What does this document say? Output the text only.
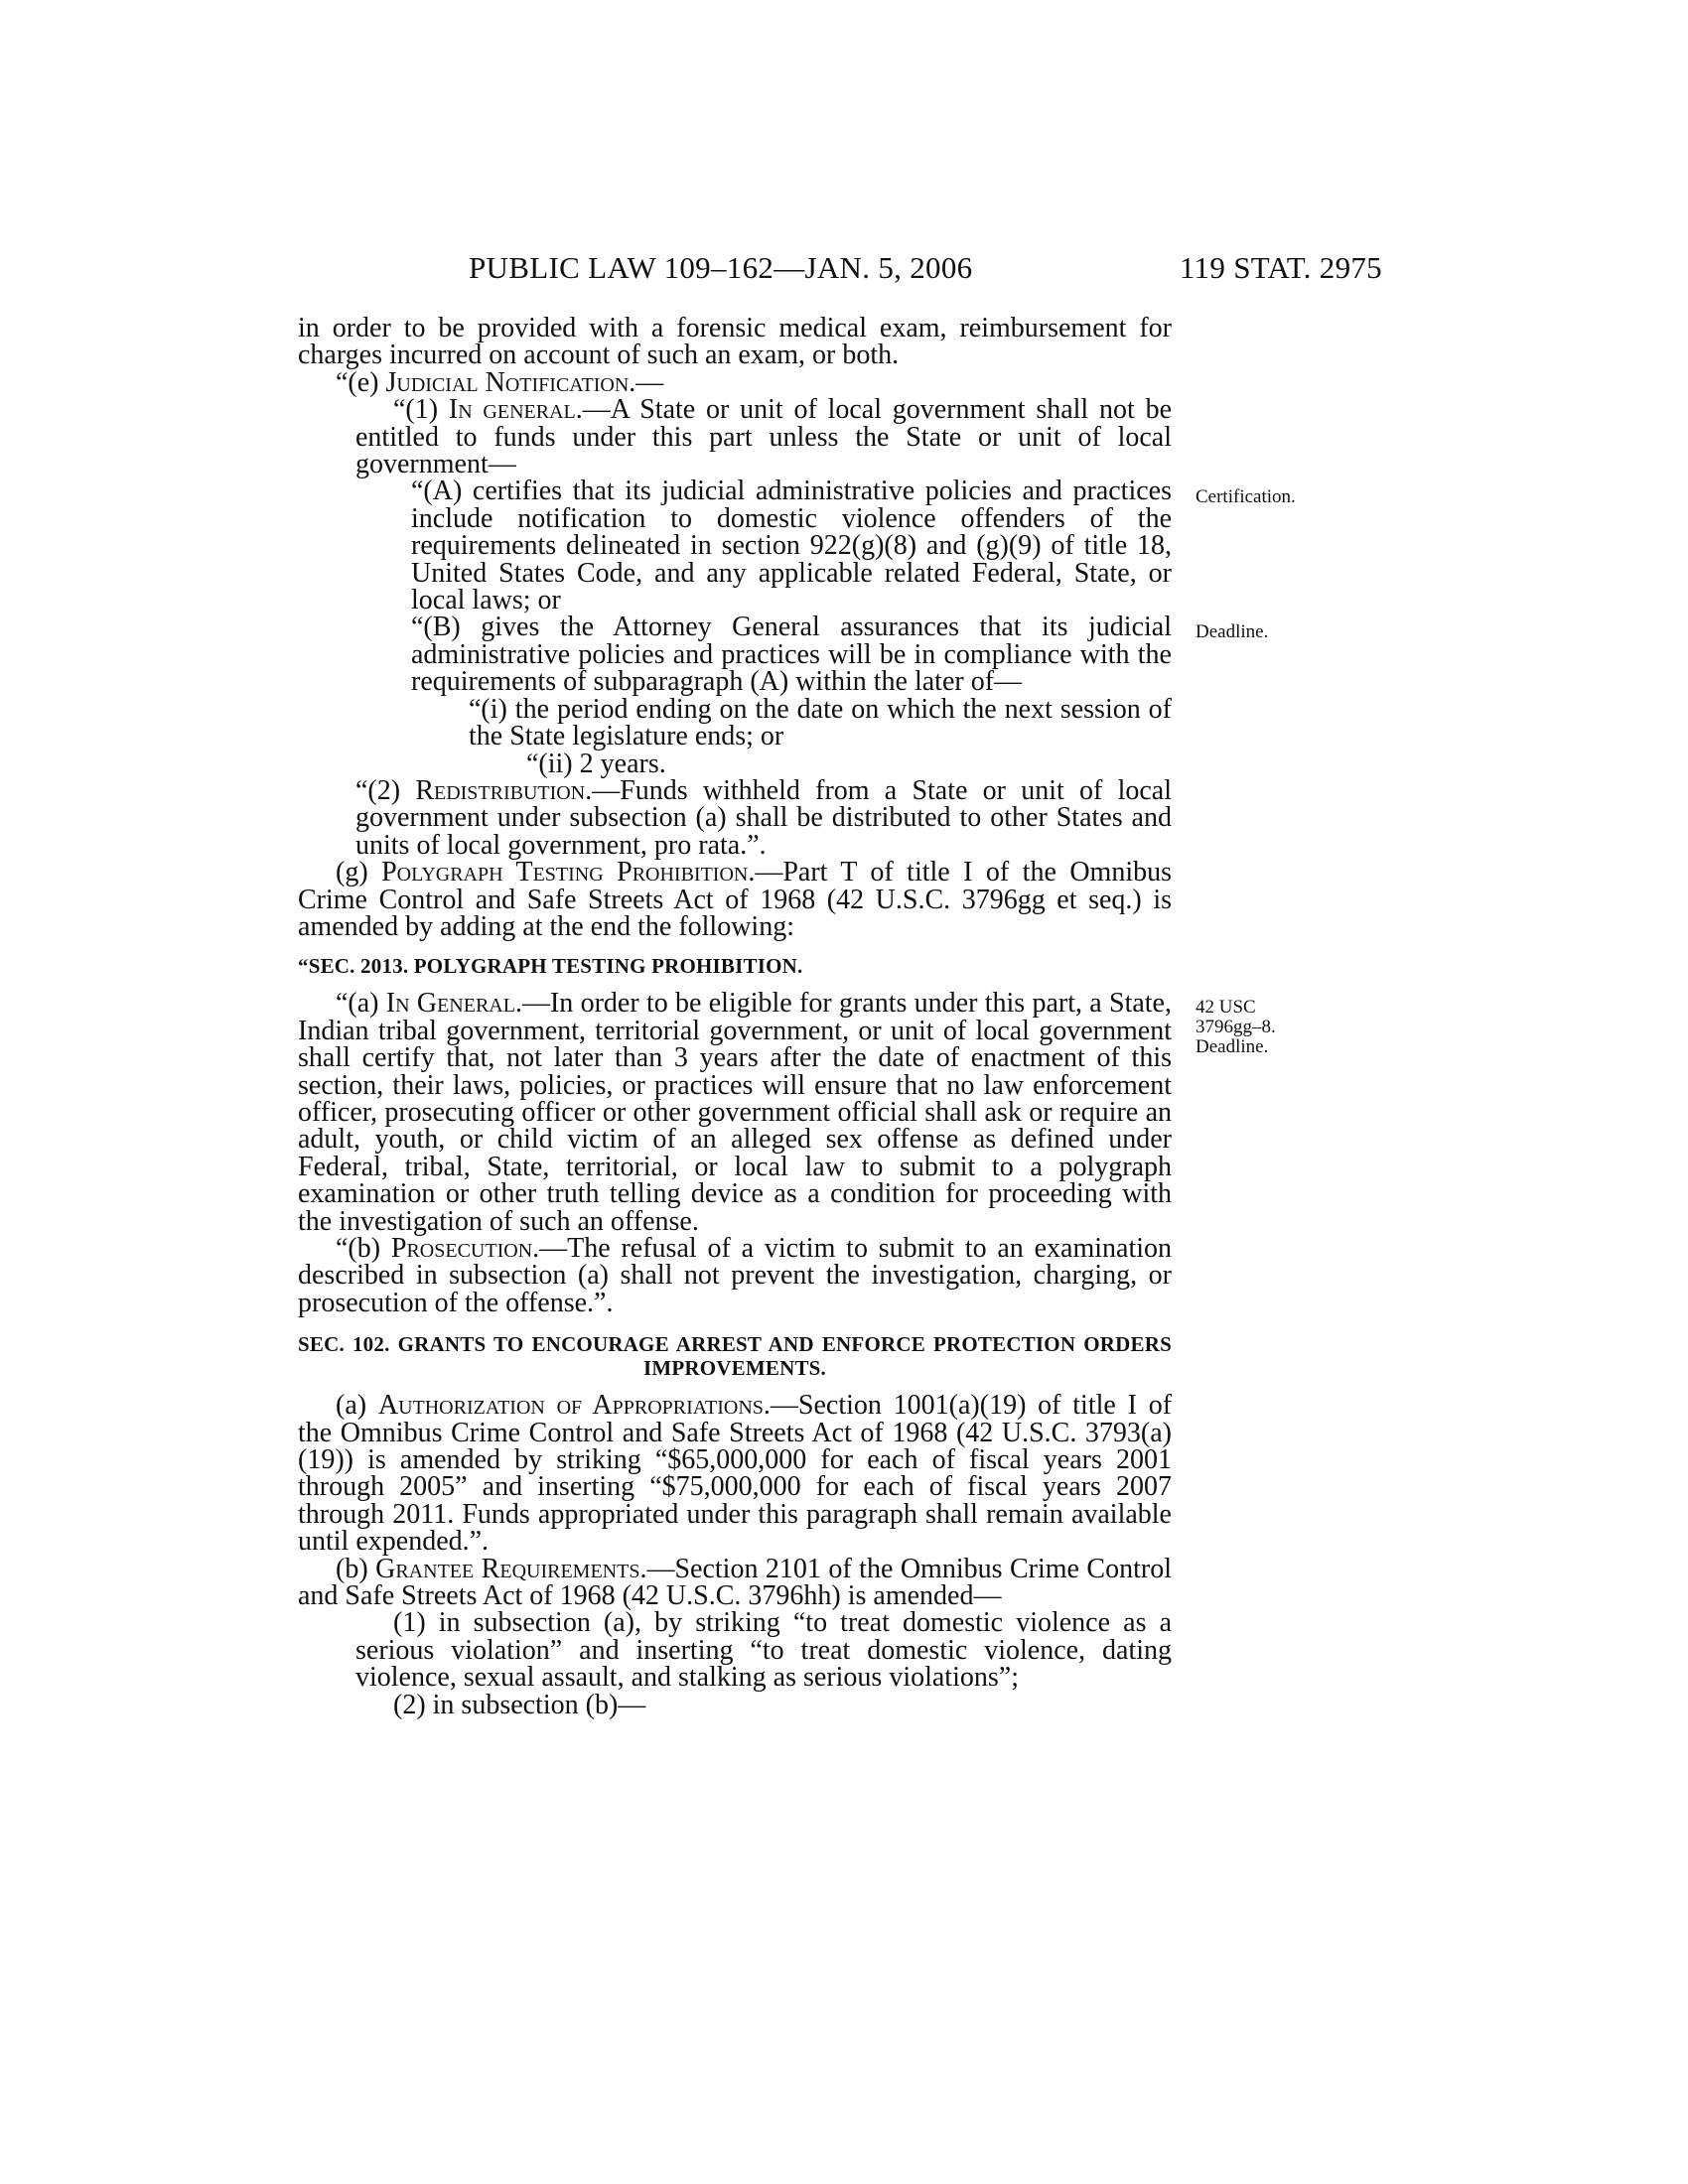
PUBLIC LAW 109–162—JAN. 5, 2006	119 STAT. 2975
Certification.
Deadline.
42 USC
3796gg–8.
Deadline.

in order to be provided with a forensic medical exam, reimbursement for charges incurred on account of such an exam, or both.

“(e) Judicial Notification.—

“(1) In general.—A State or unit of local government shall not be entitled to funds under this part unless the State or unit of local government—

“(A) certifies that its judicial administrative policies and practices include notification to domestic violence offenders of the requirements delineated in section 922(g)(8) and (g)(9) of title 18, United States Code, and any applicable related Federal, State, or local laws; or

“(B) gives the Attorney General assurances that its judicial administrative policies and practices will be in compliance with the requirements of subparagraph (A) within the later of—

“(i) the period ending on the date on which the next session of the State legislature ends; or

“(ii) 2 years.

“(2) Redistribution.—Funds withheld from a State or unit of local government under subsection (a) shall be distributed to other States and units of local government, pro rata.”.

(g) Polygraph Testing Prohibition.—Part T of title I of the Omnibus Crime Control and Safe Streets Act of 1968 (42 U.S.C. 3796gg et seq.) is amended by adding at the end the following:

“SEC. 2013. POLYGRAPH TESTING PROHIBITION.

“(a) In General.—In order to be eligible for grants under this part, a State, Indian tribal government, territorial government, or unit of local government shall certify that, not later than 3 years after the date of enactment of this section, their laws, policies, or practices will ensure that no law enforcement officer, prosecuting officer or other government official shall ask or require an adult, youth, or child victim of an alleged sex offense as defined under Federal, tribal, State, territorial, or local law to submit to a polygraph examination or other truth telling device as a condition for proceeding with the investigation of such an offense.

“(b) Prosecution.—The refusal of a victim to submit to an examination described in subsection (a) shall not prevent the investigation, charging, or prosecution of the offense.”.

SEC. 102. GRANTS TO ENCOURAGE ARREST AND ENFORCE PROTECTION ORDERS IMPROVEMENTS.

(a) Authorization of Appropriations.—Section 1001(a)(19) of title I of the Omnibus Crime Control and Safe Streets Act of 1968 (42 U.S.C. 3793(a)(19)) is amended by striking “$65,000,000 for each of fiscal years 2001 through 2005” and inserting “$75,000,000 for each of fiscal years 2007 through 2011. Funds appropriated under this paragraph shall remain available until expended.”.

(b) Grantee Requirements.—Section 2101 of the Omnibus Crime Control and Safe Streets Act of 1968 (42 U.S.C. 3796hh) is amended—

(1) in subsection (a), by striking “to treat domestic violence as a serious violation” and inserting “to treat domestic violence, dating violence, sexual assault, and stalking as serious violations”;

(2) in subsection (b)—
